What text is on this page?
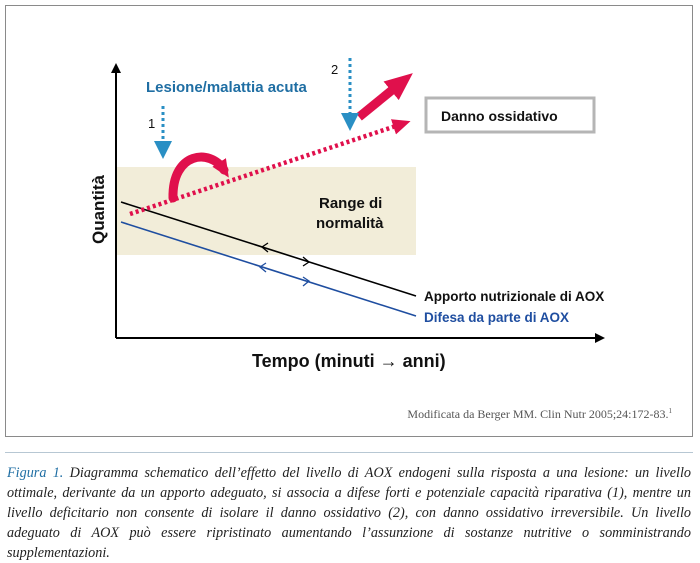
Danno ossidativo
Lesione/malattia acuta
1
2
Range di
normalità
Apporto nutrizionale di AOX
Difesa da parte di AOX
Quantità
Tempo (minuti → anni)
Modificata da Berger MM. Clin Nutr 2005;24:172-83.$^1$
Figura 1. Diagramma schematico dell’effetto del livello di AOX endogeni sulla risposta a una lesione: un livello ottimale, derivante da un apporto adeguato, si associa a difese forti e potenziale capacità riparativa (1), mentre un livello deficitario non consente di isolare il danno ossidativo (2), con danno ossidativo irreversibile. Un livello adeguato di AOX può essere ripristinato aumentando l’assunzione di sostanze nutritive o somministrando supplementazioni.
